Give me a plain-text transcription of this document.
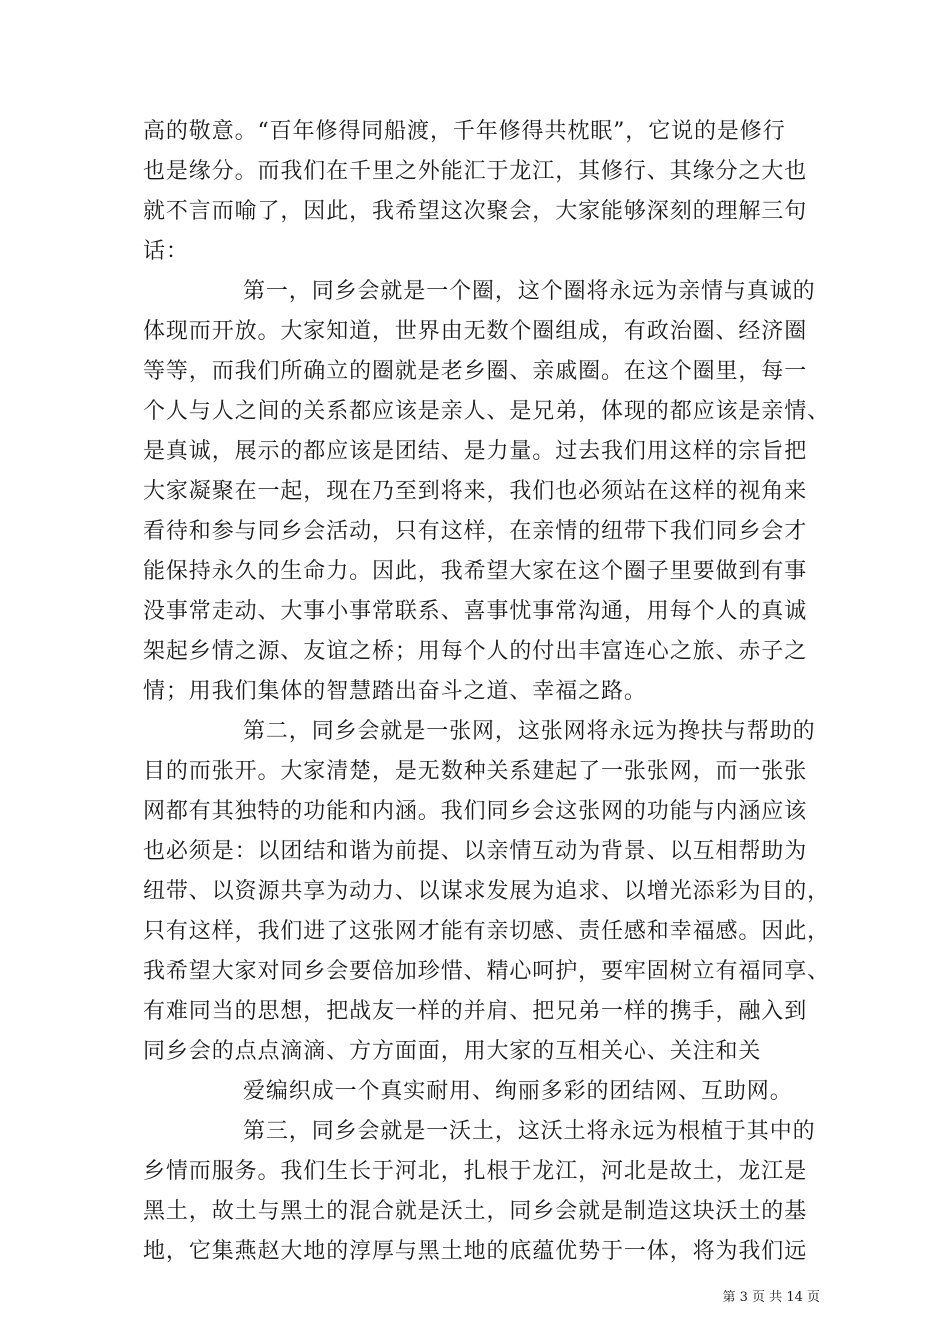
高的敬意。“百年修得同船渡，千年修得共枕眠”，它说的是修行
也是缘分。而我们在千里之外能汇于龙江，其修行、其缘分之大也
就不言而喻了，因此，我希望这次聚会，大家能够深刻的理解三句
话：
第一，同乡会就是一个圈，这个圈将永远为亲情与真诚的
体现而开放。大家知道，世界由无数个圈组成，有政治圈、经济圈
等等，而我们所确立的圈就是老乡圈、亲戚圈。在这个圈里，每一
个人与人之间的关系都应该是亲人、是兄弟，体现的都应该是亲情、
是真诚，展示的都应该是团结、是力量。过去我们用这样的宗旨把
大家凝聚在一起，现在乃至到将来，我们也必须站在这样的视角来
看待和参与同乡会活动，只有这样，在亲情的纽带下我们同乡会才
能保持永久的生命力。因此，我希望大家在这个圈子里要做到有事
没事常走动、大事小事常联系、喜事忧事常沟通，用每个人的真诚
架起乡情之源、友谊之桥；用每个人的付出丰富连心之旅、赤子之
情；用我们集体的智慧踏出奋斗之道、幸福之路。
第二，同乡会就是一张网，这张网将永远为搀扶与帮助的
目的而张开。大家清楚，是无数种关系建起了一张张网，而一张张
网都有其独特的功能和内涵。我们同乡会这张网的功能与内涵应该
也必须是：以团结和谐为前提、以亲情互动为背景、以互相帮助为
纽带、以资源共享为动力、以谋求发展为追求、以增光添彩为目的，
只有这样，我们进了这张网才能有亲切感、责任感和幸福感。因此，
我希望大家对同乡会要倍加珍惜、精心呵护，要牢固树立有福同享、
有难同当的思想，把战友一样的并肩、把兄弟一样的携手，融入到
同乡会的点点滴滴、方方面面，用大家的互相关心、关注和关
爱编织成一个真实耐用、绚丽多彩的团结网、互助网。
第三，同乡会就是一沃土，这沃土将永远为根植于其中的
乡情而服务。我们生长于河北，扎根于龙江，河北是故土，龙江是
黑土，故土与黑土的混合就是沃土，同乡会就是制造这块沃土的基
地，它集燕赵大地的淳厚与黑土地的底蕴优势于一体，将为我们远
第 3 页 共 14 页
